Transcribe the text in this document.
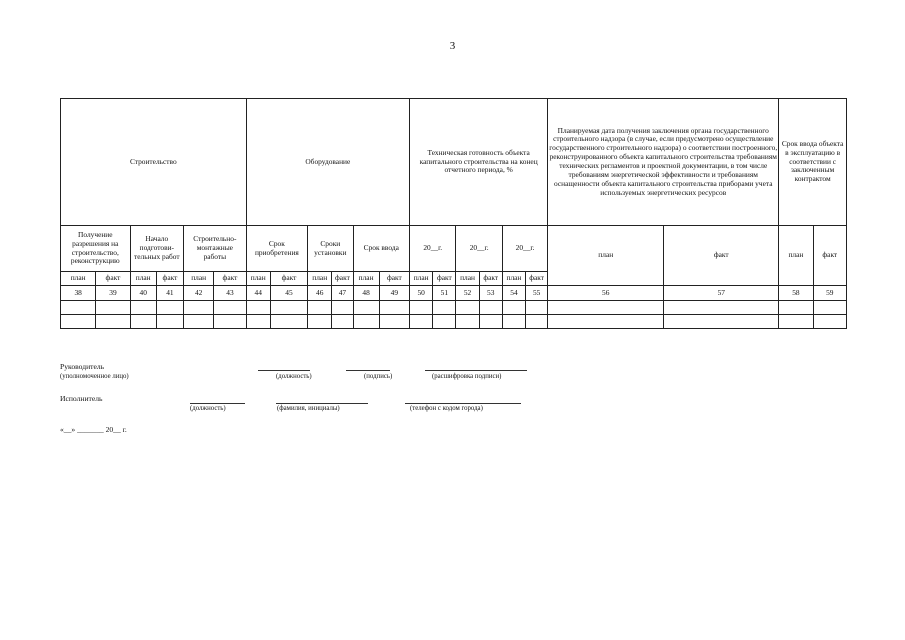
3
Строительство						Оборудование						Техническая готовность объекта капитального строительства на конец отчетного периода, %						Планируемая дата получения заключения органа государственного строительного надзора (в случае, если предусмотрено осуществление государственного строительного надзора) о соответствии построенного, реконструированного объекта капитального строительства требованиям технических регламентов и проектной документации, в том числе требованиям энергетической эффективности и требованиям оснащенности объекта капитального строительства приборами учета используемых энергетических ресурсов		Срок ввода объекта в эксплуатацию в соответствии с заключенным контрактом	
Получение разрешения на строительство, реконструкцию		Начало подготови-тельных работ		Строительно-монтажные работы		Срок приобретения		Сроки установки		Срок ввода		20__г.		20__г.		20__г.		план	факт	план	факт
план	факт	план	факт	план	факт	план	факт	план	факт	план	факт	план	факт	план	факт	план	факт				
38	39	40	41	42	43	44	45	46	47	48	49	50	51	52	53	54	55	56	57	58	59

Руководитель
(уполномоченное лицо)	(должность)	(подпись)	(расшифровка подписи)
Исполнитель
(должность)	(фамилия, инициалы)	(телефон с кодом города)
«__» _______ 20__ г.
